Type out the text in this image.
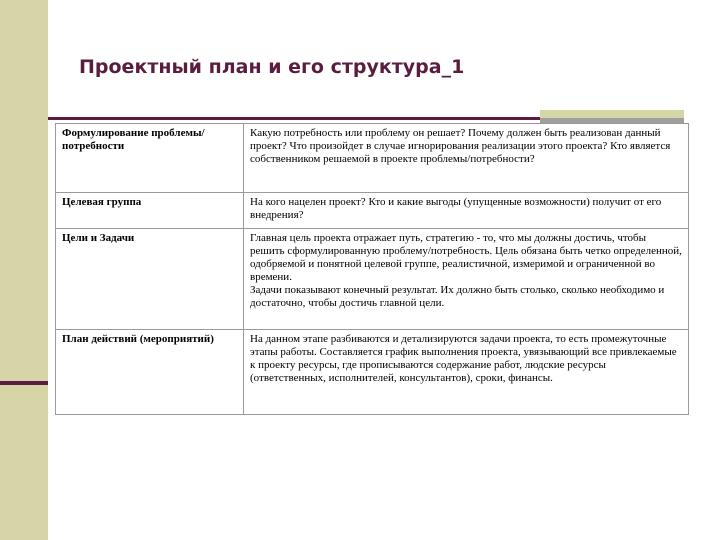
Проектный план и его структура_1
Формулирование проблемы/потребности	Какую потребность или проблему он решает? Почему должен быть реализован данный проект? Что произойдет в случае игнорирования реализации этого проекта? Кто является собственником решаемой в проекте проблемы/потребности?
Целевая группа	На кого нацелен проект? Кто и какие выгоды (упущенные возможности) получит от его внедрения?
Цели и Задачи	Главная цель проекта отражает путь, стратегию - то, что мы должны достичь, чтобы решить сформулированную проблему/потребность. Цель обязана быть четко определенной, одобряемой и понятной целевой группе, реалистичной, измеримой и ограниченной во времени.
Задачи показывают конечный результат. Их должно быть столько, сколько необходимо и достаточно, чтобы достичь главной цели.
План действий (мероприятий)	На данном этапе разбиваются и детализируются задачи проекта, то есть промежуточные этапы работы. Составляется график выполнения проекта, увязывающий все привлекаемые к проекту ресурсы, где прописываются содержание работ, людские ресурсы (ответственных, исполнителей, консультантов), сроки, финансы.
